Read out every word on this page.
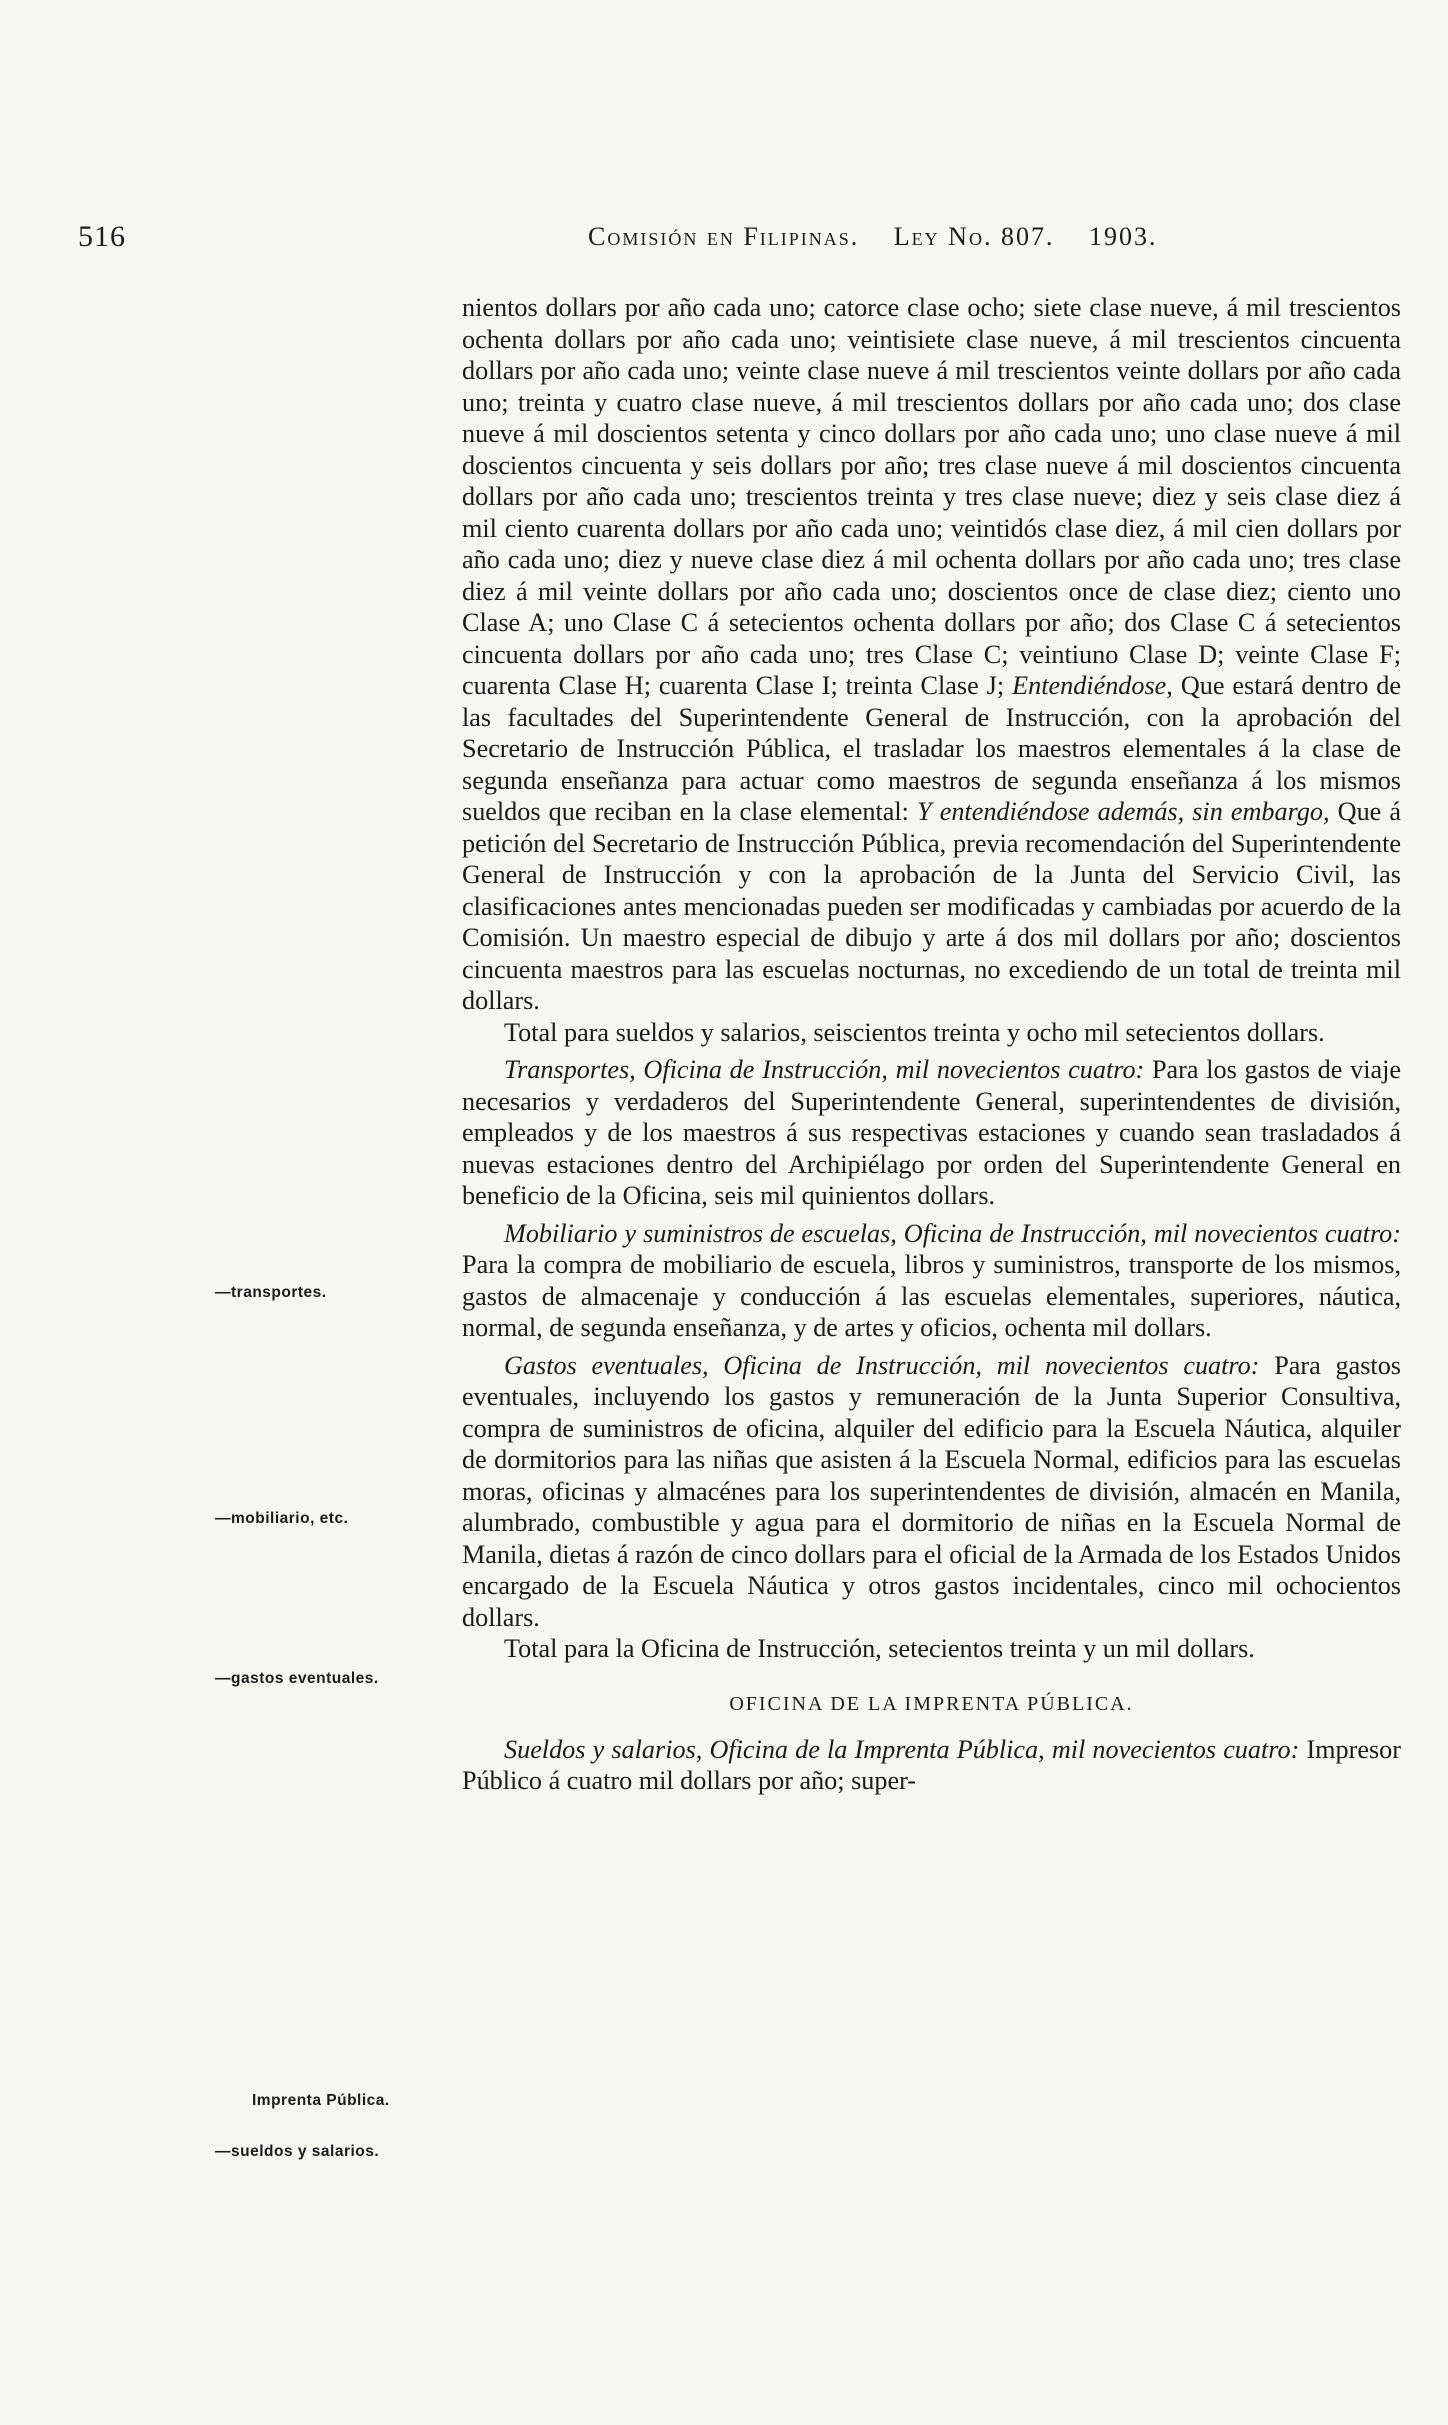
516	Comisión en Filipinas. Ley No. 807. 1903.
—transportes.
—mobiliario, etc.
—gastos eventuales.
Imprenta Pública.
—sueldos y salarios.

nientos dollars por año cada uno; catorce clase ocho; siete clase nueve, á mil trescientos ochenta dollars por año cada uno; veintisiete clase nueve, á mil trescientos cincuenta dollars por año cada uno; veinte clase nueve á mil trescientos veinte dollars por año cada uno; treinta y cuatro clase nueve, á mil trescientos dollars por año cada uno; dos clase nueve á mil doscientos setenta y cinco dollars por año cada uno; uno clase nueve á mil doscientos cincuenta y seis dollars por año; tres clase nueve á mil doscientos cincuenta dollars por año cada uno; trescientos treinta y tres clase nueve; diez y seis clase diez á mil ciento cuarenta dollars por año cada uno; veintidós clase diez, á mil cien dollars por año cada uno; diez y nueve clase diez á mil ochenta dollars por año cada uno; tres clase diez á mil veinte dollars por año cada uno; doscientos once de clase diez; ciento uno Clase A; uno Clase C á setecientos ochenta dollars por año; dos Clase C á setecientos cincuenta dollars por año cada uno; tres Clase C; veintiuno Clase D; veinte Clase F; cuarenta Clase H; cuarenta Clase I; treinta Clase J; Entendiéndose, Que estará dentro de las facultades del Superintendente General de Instrucción, con la aprobación del Secretario de Instrucción Pública, el trasladar los maestros elementales á la clase de segunda enseñanza para actuar como maestros de segunda enseñanza á los mismos sueldos que reciban en la clase elemental: Y entendiéndose además, sin embargo, Que á petición del Secretario de Instrucción Pública, previa recomendación del Superintendente General de Instrucción y con la aprobación de la Junta del Servicio Civil, las clasificaciones antes mencionadas pueden ser modificadas y cambiadas por acuerdo de la Comisión. Un maestro especial de dibujo y arte á dos mil dollars por año; doscientos cincuenta maestros para las escuelas nocturnas, no excediendo de un total de treinta mil dollars.

Total para sueldos y salarios, seiscientos treinta y ocho mil setecientos dollars.

Transportes, Oficina de Instrucción, mil novecientos cuatro: Para los gastos de viaje necesarios y verdaderos del Superintendente General, superintendentes de división, empleados y de los maestros á sus respectivas estaciones y cuando sean trasladados á nuevas estaciones dentro del Archipiélago por orden del Superintendente General en beneficio de la Oficina, seis mil quinientos dollars.

Mobiliario y suministros de escuelas, Oficina de Instrucción, mil novecientos cuatro: Para la compra de mobiliario de escuela, libros y suministros, transporte de los mismos, gastos de almacenaje y conducción á las escuelas elementales, superiores, náutica, normal, de segunda enseñanza, y de artes y oficios, ochenta mil dollars.

Gastos eventuales, Oficina de Instrucción, mil novecientos cuatro: Para gastos eventuales, incluyendo los gastos y remuneración de la Junta Superior Consultiva, compra de suministros de oficina, alquiler del edificio para la Escuela Náutica, alquiler de dormitorios para las niñas que asisten á la Escuela Normal, edificios para las escuelas moras, oficinas y almacénes para los superintendentes de división, almacén en Manila, alumbrado, combustible y agua para el dormitorio de niñas en la Escuela Normal de Manila, dietas á razón de cinco dollars para el oficial de la Armada de los Estados Unidos encargado de la Escuela Náutica y otros gastos incidentales, cinco mil ochocientos dollars.

Total para la Oficina de Instrucción, setecientos treinta y un mil dollars.

OFICINA DE LA IMPRENTA PÚBLICA.

Sueldos y salarios, Oficina de la Imprenta Pública, mil novecientos cuatro: Impresor Público á cuatro mil dollars por año; super-
